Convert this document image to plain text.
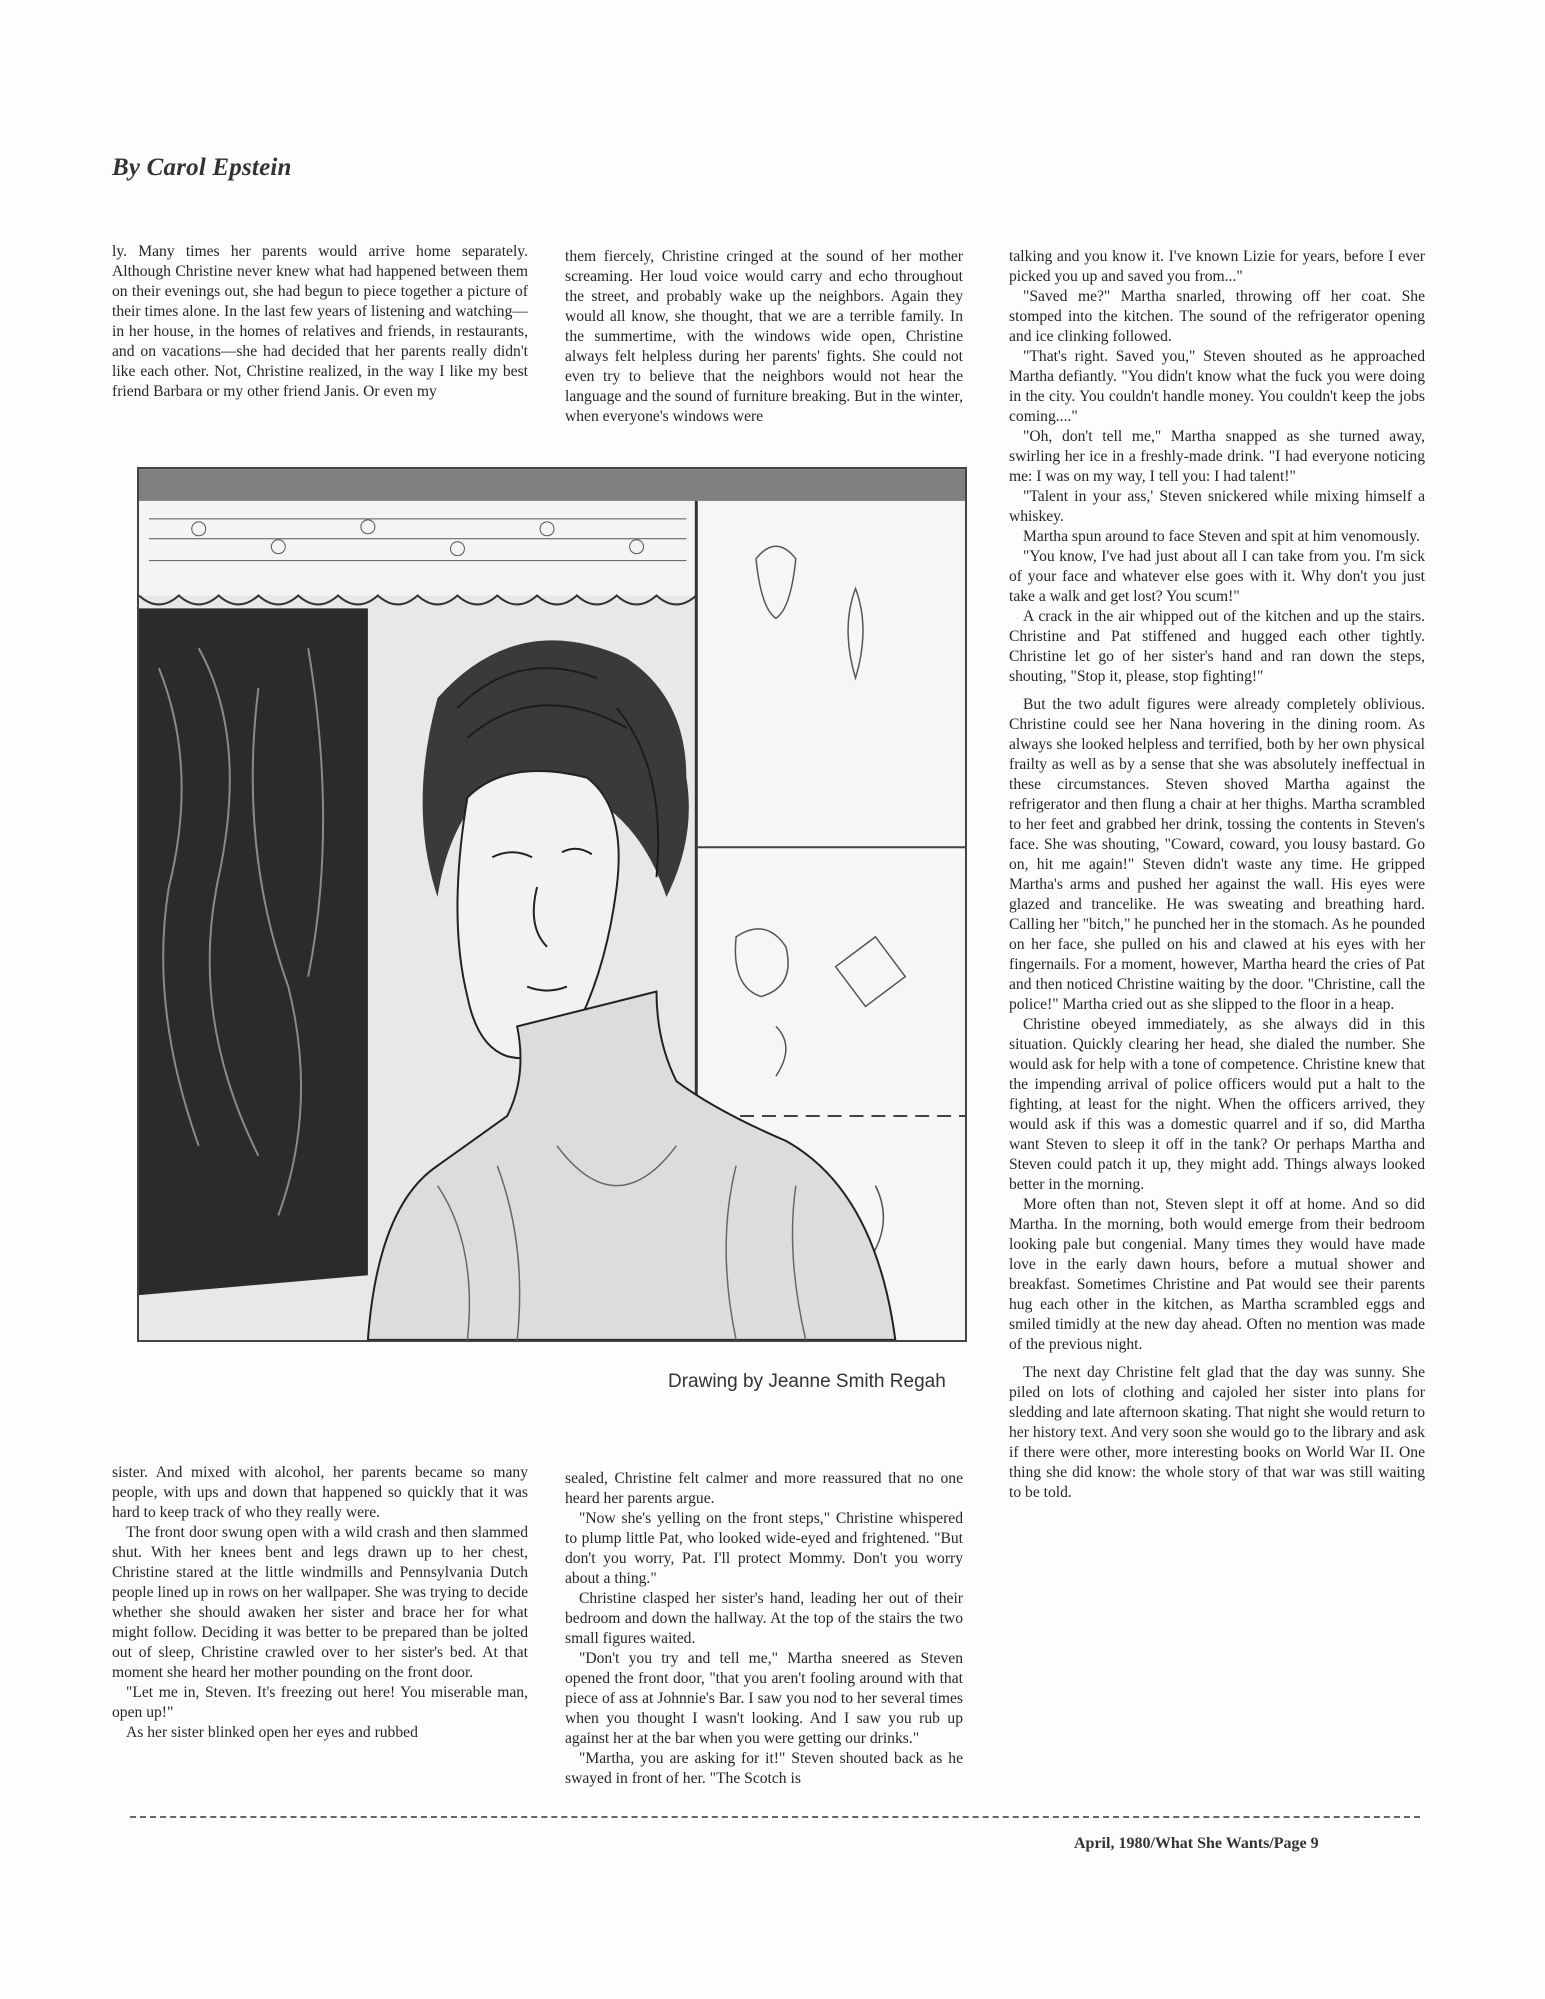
By Carol Epstein

ly. Many times her parents would arrive home separately. Although Christine never knew what had happened between them on their evenings out, she had begun to piece together a picture of their times alone. In the last few years of listening and watching—in her house, in the homes of relatives and friends, in restaurants, and on vacations—she had decided that her parents really didn't like each other. Not, Christine realized, in the way I like my best friend Barbara or my other friend Janis. Or even my

them fiercely, Christine cringed at the sound of her mother screaming. Her loud voice would carry and echo throughout the street, and probably wake up the neighbors. Again they would all know, she thought, that we are a terrible family. In the summertime, with the windows wide open, Christine always felt helpless during her parents' fights. She could not even try to believe that the neighbors would not hear the language and the sound of furniture breaking. But in the winter, when everyone's windows were

talking and you know it. I've known Lizie for years, before I ever picked you up and saved you from..."

"Saved me?" Martha snarled, throwing off her coat. She stomped into the kitchen. The sound of the refrigerator opening and ice clinking followed.

"That's right. Saved you," Steven shouted as he approached Martha defiantly. "You didn't know what the fuck you were doing in the city. You couldn't handle money. You couldn't keep the jobs coming...."

"Oh, don't tell me," Martha snapped as she turned away, swirling her ice in a freshly-made drink. "I had everyone noticing me: I was on my way, I tell you: I had talent!"

"Talent in your ass,' Steven snickered while mixing himself a whiskey.

Martha spun around to face Steven and spit at him venomously.

"You know, I've had just about all I can take from you. I'm sick of your face and whatever else goes with it. Why don't you just take a walk and get lost? You scum!"

A crack in the air whipped out of the kitchen and up the stairs. Christine and Pat stiffened and hugged each other tightly. Christine let go of her sister's hand and ran down the steps, shouting, "Stop it, please, stop fighting!"

But the two adult figures were already completely oblivious. Christine could see her Nana hovering in the dining room. As always she looked helpless and terrified, both by her own physical frailty as well as by a sense that she was absolutely ineffectual in these circumstances. Steven shoved Martha against the refrigerator and then flung a chair at her thighs. Martha scrambled to her feet and grabbed her drink, tossing the contents in Steven's face. She was shouting, "Coward, coward, you lousy bastard. Go on, hit me again!" Steven didn't waste any time. He gripped Martha's arms and pushed her against the wall. His eyes were glazed and trancelike. He was sweating and breathing hard. Calling her "bitch," he punched her in the stomach. As he pounded on her face, she pulled on his and clawed at his eyes with her fingernails. For a moment, however, Martha heard the cries of Pat and then noticed Christine waiting by the door. "Christine, call the police!" Martha cried out as she slipped to the floor in a heap.

Christine obeyed immediately, as she always did in this situation. Quickly clearing her head, she dialed the number. She would ask for help with a tone of competence. Christine knew that the impending arrival of police officers would put a halt to the fighting, at least for the night. When the officers arrived, they would ask if this was a domestic quarrel and if so, did Martha want Steven to sleep it off in the tank? Or perhaps Martha and Steven could patch it up, they might add. Things always looked better in the morning.

More often than not, Steven slept it off at home. And so did Martha. In the morning, both would emerge from their bedroom looking pale but congenial. Many times they would have made love in the early dawn hours, before a mutual shower and breakfast. Sometimes Christine and Pat would see their parents hug each other in the kitchen, as Martha scrambled eggs and smiled timidly at the new day ahead. Often no mention was made of the previous night.

The next day Christine felt glad that the day was sunny. She piled on lots of clothing and cajoled her sister into plans for sledding and late afternoon skating. That night she would return to her history text. And very soon she would go to the library and ask if there were other, more interesting books on World War II. One thing she did know: the whole story of that war was still waiting to be told.

Drawing by Jeanne Smith Regah

sister. And mixed with alcohol, her parents became so many people, with ups and down that happened so quickly that it was hard to keep track of who they really were.

The front door swung open with a wild crash and then slammed shut. With her knees bent and legs drawn up to her chest, Christine stared at the little windmills and Pennsylvania Dutch people lined up in rows on her wallpaper. She was trying to decide whether she should awaken her sister and brace her for what might follow. Deciding it was better to be prepared than be jolted out of sleep, Christine crawled over to her sister's bed. At that moment she heard her mother pounding on the front door.

"Let me in, Steven. It's freezing out here! You miserable man, open up!"

As her sister blinked open her eyes and rubbed

sealed, Christine felt calmer and more reassured that no one heard her parents argue.

"Now she's yelling on the front steps," Christine whispered to plump little Pat, who looked wide-eyed and frightened. "But don't you worry, Pat. I'll protect Mommy. Don't you worry about a thing."

Christine clasped her sister's hand, leading her out of their bedroom and down the hallway. At the top of the stairs the two small figures waited.

"Don't you try and tell me," Martha sneered as Steven opened the front door, "that you aren't fooling around with that piece of ass at Johnnie's Bar. I saw you nod to her several times when you thought I wasn't looking. And I saw you rub up against her at the bar when you were getting our drinks."

"Martha, you are asking for it!" Steven shouted back as he swayed in front of her. "The Scotch is

April, 1980/What She Wants/Page 9
